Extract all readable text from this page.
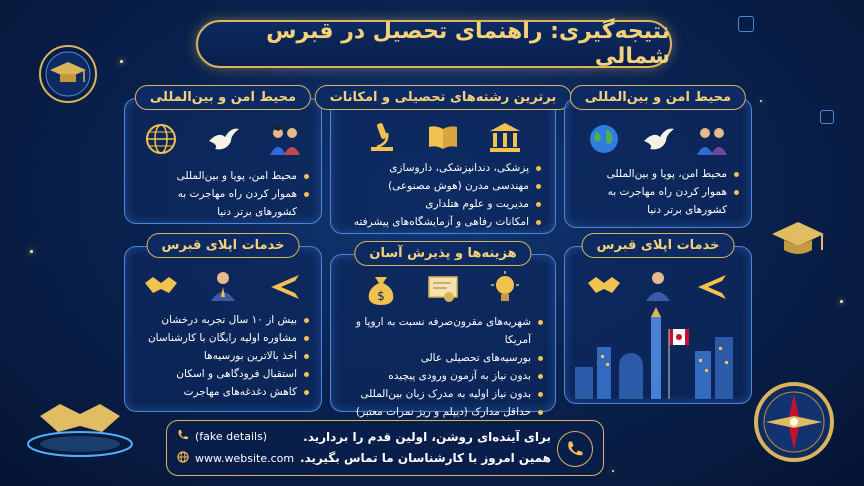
نتیجه‌گیری: راهنمای تحصیل در قبرس شمالی
محیط امن و بین‌المللی
محیط امن، پویا و بین‌المللی
هموار کردن راه مهاجرت به کشورهای برتر دنیا
برترین رشته‌های تحصیلی و امکانات
پزشکی، دندانپزشکی، داروسازی
مهندسی مدرن (هوش مصنوعی)
مدیریت و علوم هتلداری
امکانات رفاهی و آزمایشگاه‌های پیشرفته
محیط امن و بین‌المللی
محیط امن، پویا و بین‌المللی
هموار کردن راه مهاجرت به کشورهای برتر دنیا
خدمات اپلای قبرس
بیش از ۱۰ سال تجربه درخشان
مشاوره اولیه رایگان با کارشناسان
اخذ بالاترین بورسیه‌ها
استقبال فرودگاهی و اسکان
کاهش دغدغه‌های مهاجرت
هزینه‌ها و پذیرش آسان
$
شهریه‌های مقرون‌صرفه نسبت به اروپا و آمریکا
بورسیه‌های تحصیلی عالی
بدون نیاز به آزمون ورودی پیچیده
بدون نیاز اولیه به مدرک زبان بین‌المللی
حداقل مدارک (دیپلم و ریز نمرات معتبر)
خدمات اپلای قبرس
(fake details)
www.website.com
برای آینده‌ای روشن، اولین قدم را بردارید.
همین امروز با کارشناسان ما تماس بگیرید.
